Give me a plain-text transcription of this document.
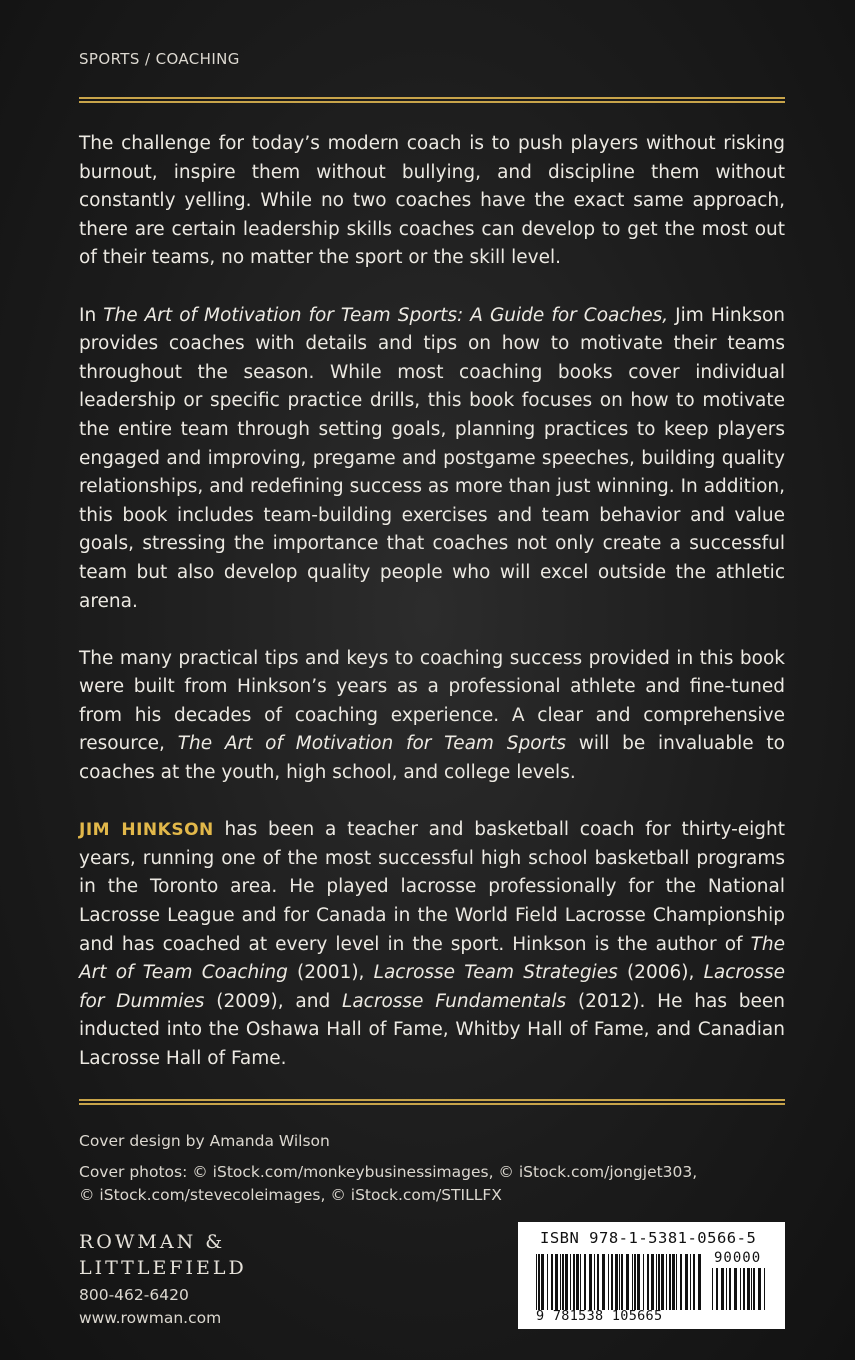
SPORTS / COACHING

The challenge for today’s modern coach is to push players without risking burnout, inspire them without bullying, and discipline them without constantly yelling. While no two coaches have the exact same approach, there are certain leadership skills coaches can develop to get the most out of their teams, no matter the sport or the skill level.

In The Art of Motivation for Team Sports: A Guide for Coaches, Jim Hinkson provides coaches with details and tips on how to motivate their teams throughout the season. While most coaching books cover individual leadership or specific practice drills, this book focuses on how to motivate the entire team through setting goals, planning practices to keep players engaged and improving, pregame and postgame speeches, building quality relationships, and redefining success as more than just winning. In addition, this book includes team-building exercises and team behavior and value goals, stressing the importance that coaches not only create a successful team but also develop quality people who will excel outside the athletic arena.

The many practical tips and keys to coaching success provided in this book were built from Hinkson’s years as a professional athlete and fine-tuned from his decades of coaching experience. A clear and comprehensive resource, The Art of Motivation for Team Sports will be invaluable to coaches at the youth, high school, and college levels.

JIM HINKSON has been a teacher and basketball coach for thirty-eight years, running one of the most successful high school basketball programs in the Toronto area. He played lacrosse professionally for the National Lacrosse League and for Canada in the World Field Lacrosse Championship and has coached at every level in the sport. Hinkson is the author of The Art of Team Coaching (2001), Lacrosse Team Strategies (2006), Lacrosse for Dummies (2009), and Lacrosse Fundamentals (2012). He has been inducted into the Oshawa Hall of Fame, Whitby Hall of Fame, and Canadian Lacrosse Hall of Fame.

Cover design by Amanda Wilson
Cover photos: © iStock.com/monkeybusinessimages, © iStock.com/jongjet303,
© iStock.com/stevecoleimages, © iStock.com/STILLFX
ROWMAN &
LITTLEFIELD
800-462-6420
www.rowman.com
ISBN 978-1-5381-0566-5
90000
9 781538 105665
